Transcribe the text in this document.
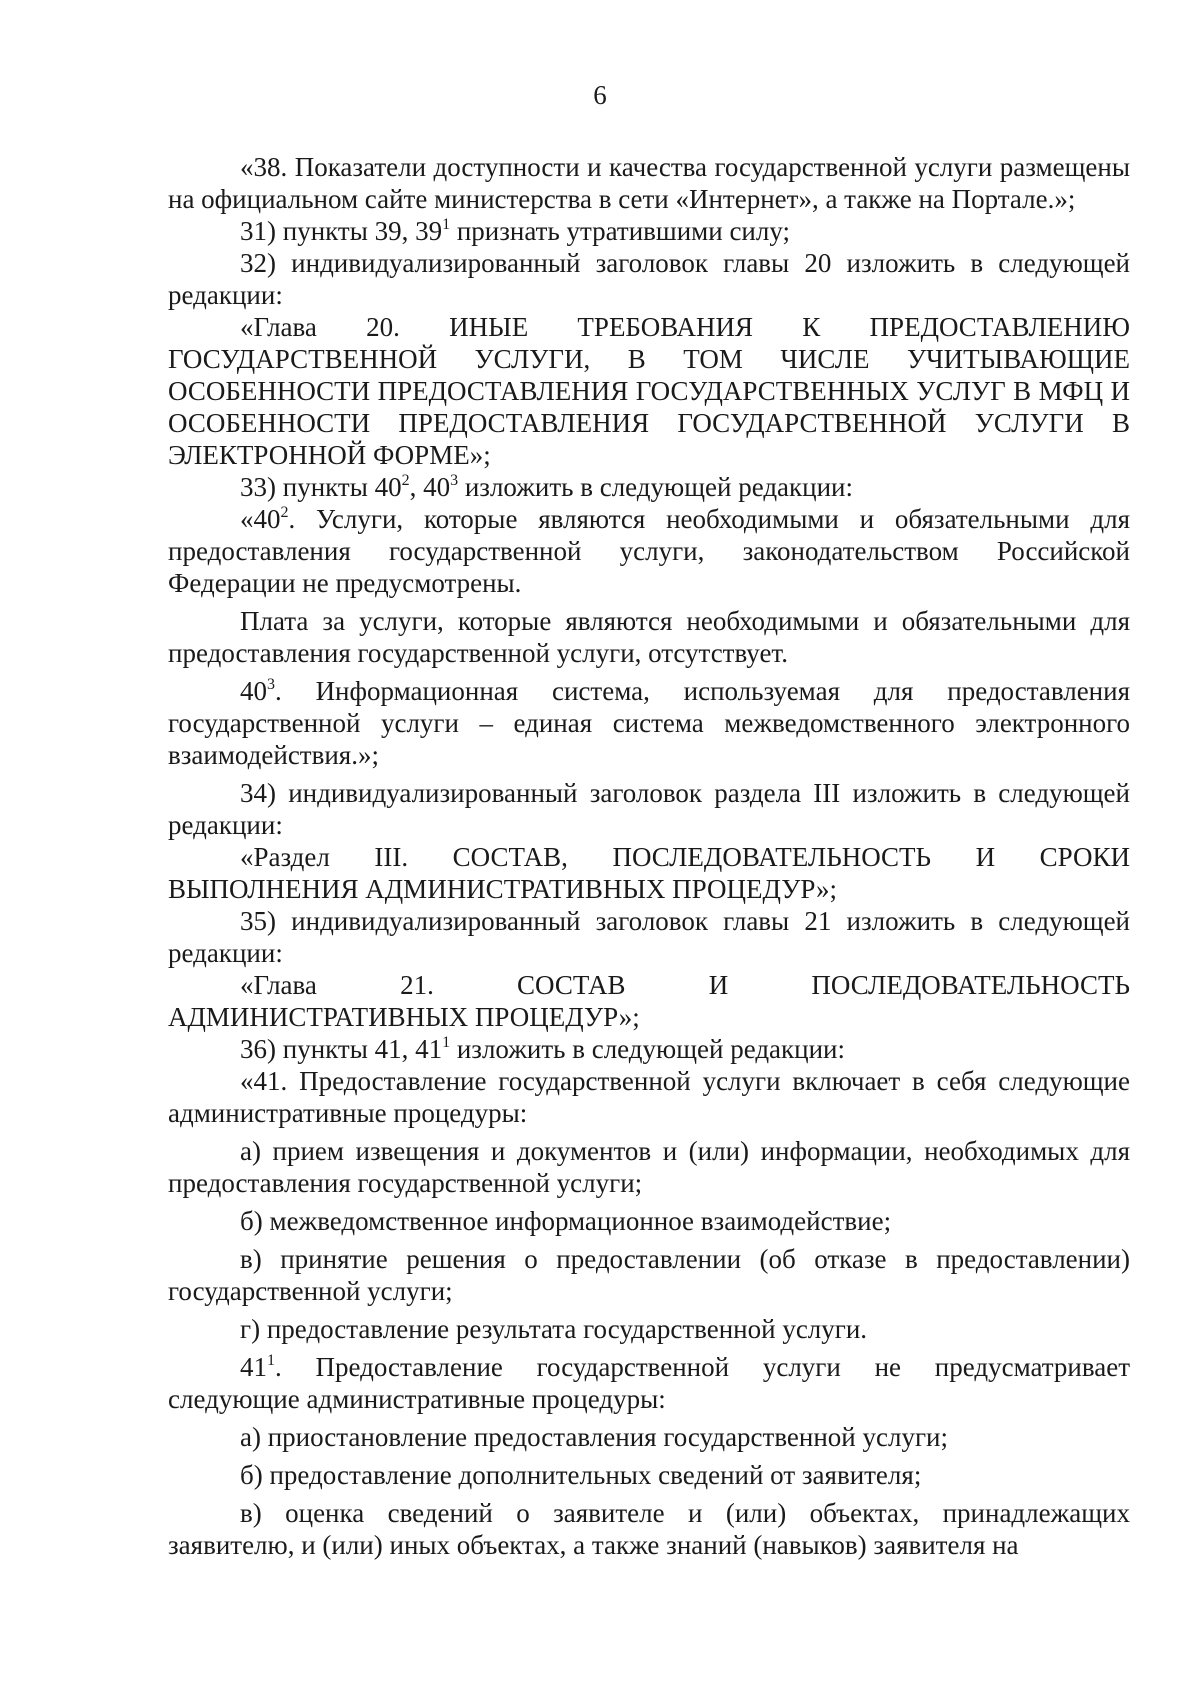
6

«38. Показатели доступности и качества государственной услуги размещены на официальном сайте министерства в сети «Интернет», а также на Портале.»;

31) пункты 39, $39^1$ признать утратившими силу;

32) индивидуализированный заголовок главы 20 изложить в следующей редакции:

«Глава 20. ИНЫЕ ТРЕБОВАНИЯ К ПРЕДОСТАВЛЕНИЮ ГОСУДАРСТВЕННОЙ УСЛУГИ, В ТОМ ЧИСЛЕ УЧИТЫВАЮЩИЕ ОСОБЕННОСТИ ПРЕДОСТАВЛЕНИЯ ГОСУДАРСТВЕННЫХ УСЛУГ В МФЦ И ОСОБЕННОСТИ ПРЕДОСТАВЛЕНИЯ ГОСУДАРСТВЕННОЙ УСЛУГИ В ЭЛЕКТРОННОЙ ФОРМЕ»;

33) пункты $40^2$, $40^3$ изложить в следующей редакции:

«$40^2$. Услуги, которые являются необходимыми и обязательными для предоставления государственной услуги, законодательством Российской Федерации не предусмотрены.

Плата за услуги, которые являются необходимыми и обязательными для предоставления государственной услуги, отсутствует.

$40^3$. Информационная система, используемая для предоставления государственной услуги – единая система межведомственного электронного взаимодействия.»;

34) индивидуализированный заголовок раздела III изложить в следующей редакции:

«Раздел III. СОСТАВ, ПОСЛЕДОВАТЕЛЬНОСТЬ И СРОКИ ВЫПОЛНЕНИЯ АДМИНИСТРАТИВНЫХ ПРОЦЕДУР»;

35) индивидуализированный заголовок главы 21 изложить в следующей редакции:

«Глава 21. СОСТАВ И ПОСЛЕДОВАТЕЛЬНОСТЬ АДМИНИСТРАТИВНЫХ ПРОЦЕДУР»;

36) пункты 41, $41^1$ изложить в следующей редакции:

«41. Предоставление государственной услуги включает в себя следующие административные процедуры:

а) прием извещения и документов и (или) информации, необходимых для предоставления государственной услуги;

б) межведомственное информационное взаимодействие;

в) принятие решения о предоставлении (об отказе в предоставлении) государственной услуги;

г) предоставление результата государственной услуги.

$41^1$. Предоставление государственной услуги не предусматривает следующие административные процедуры:

а) приостановление предоставления государственной услуги;

б) предоставление дополнительных сведений от заявителя;

в) оценка сведений о заявителе и (или) объектах, принадлежащих заявителю, и (или) иных объектах, а также знаний (навыков) заявителя на
